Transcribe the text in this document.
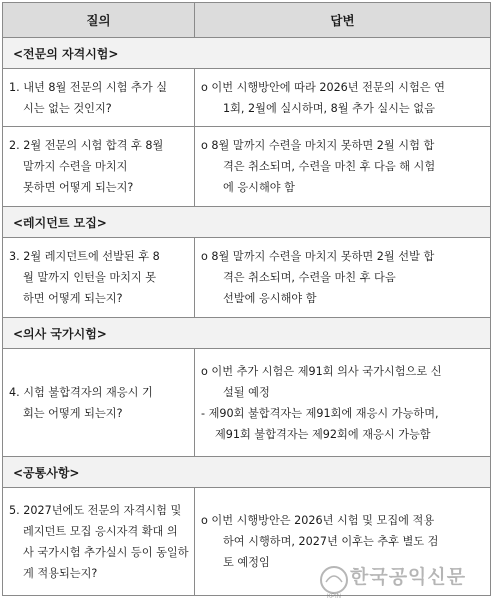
질의	답변
<전문의 자격시험>	

1. 내년 8월 전문의 시험 추가 실
시는 없는 것인지?	o 이번 시행방안에 따라 2026년 전문의 시험은 연
1회, 2월에 실시하며, 8월 추가 실시는 없음

2. 2월 전문의 시험 합격 후 8월
말까지 수련을 마치지
못하면 어떻게 되는지?	o 8월 말까지 수련을 마치지 못하면 2월 시험 합
격은 취소되며, 수련을 마친 후 다음 해 시험
에 응시해야 함

<레지던트 모집>	

3. 2월 레지던트에 선발된 후 8
월 말까지 인턴을 마치지 못
하면 어떻게 되는지?	o 8월 말까지 수련을 마치지 못하면 2월 선발 합
격은 취소되며, 수련을 마친 후 다음
선발에 응시해야 함

<의사 국가시험>	

4. 시험 불합격자의 재응시 기
회는 어떻게 되는지?	o 이번 추가 시험은 제91회 의사 국가시험으로 신
설될 예정
- 제90회 불합격자는 제91회에 재응시 가능하며,
제91회 불합격자는 제92회에 재응시 가능함

<공통사항>	

5. 2027년에도 전문의 자격시험 및
레지던트 모집 응시자격 확대 의
사 국가시험 추가실시 등이 동일하
게 적용되는지?	o 이번 시행방안은 2026년 시험 및 모집에 적용
하여 시행하며, 2027년 이후는 추후 별도 검
토 예정임
KPIN
한국공익신문
